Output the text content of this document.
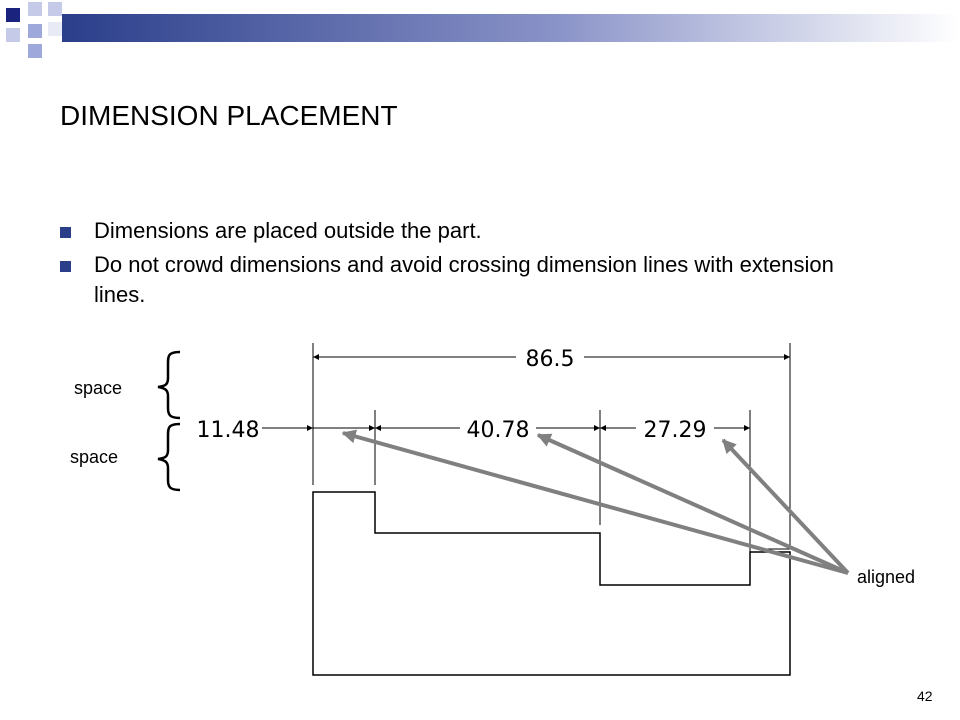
DIMENSION PLACEMENT
Dimensions are placed outside the part.
Do not crowd dimensions and avoid crossing dimension lines with extension lines.
86.5
11.48	40.78	27.29
space
space
aligned
42
